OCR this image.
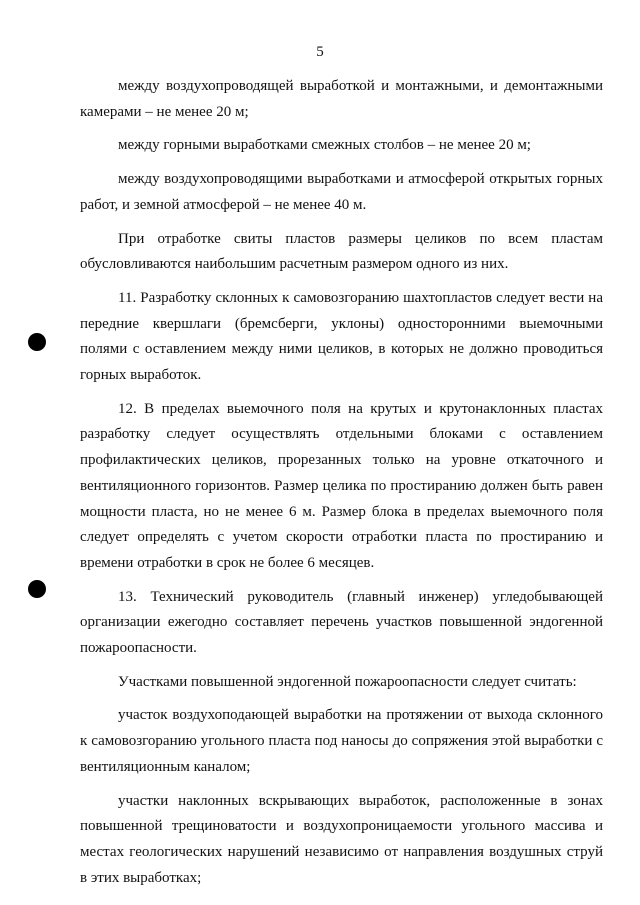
5

между воздухопроводящей выработкой и монтажными, и демонтажными камерами – не менее 20 м;

между горными выработками смежных столбов – не менее 20 м;

между воздухопроводящими выработками и атмосферой открытых горных работ, и земной атмосферой – не менее 40 м.

При отработке свиты пластов размеры целиков по всем пластам обусловливаются наибольшим расчетным размером одного из них.

11. Разработку склонных к самовозгоранию шахтопластов следует вести на передние квершлаги (бремсберги, уклоны) односторонними выемочными полями с оставлением между ними целиков, в которых не должно проводиться горных выработок.

12. В пределах выемочного поля на крутых и крутонаклонных пластах разработку следует осуществлять отдельными блоками с оставлением профилактических целиков, прорезанных только на уровне откаточного и вентиляционного горизонтов. Размер целика по простиранию должен быть равен мощности пласта, но не менее 6 м. Размер блока в пределах выемочного поля следует определять с учетом скорости отработки пласта по простиранию и времени отработки в срок не более 6 месяцев.

13. Технический руководитель (главный инженер) угледобывающей организации ежегодно составляет перечень участков повышенной эндогенной пожароопасности.

Участками повышенной эндогенной пожароопасности следует считать:

участок воздухоподающей выработки на протяжении от выхода склонного к самовозгоранию угольного пласта под наносы до сопряжения этой выработки с вентиляционным каналом;

участки наклонных вскрывающих выработок, расположенные в зонах повышенной трещиноватости и воздухопроницаемости угольного массива и местах геологических нарушений независимо от направления воздушных струй в этих выработках;
